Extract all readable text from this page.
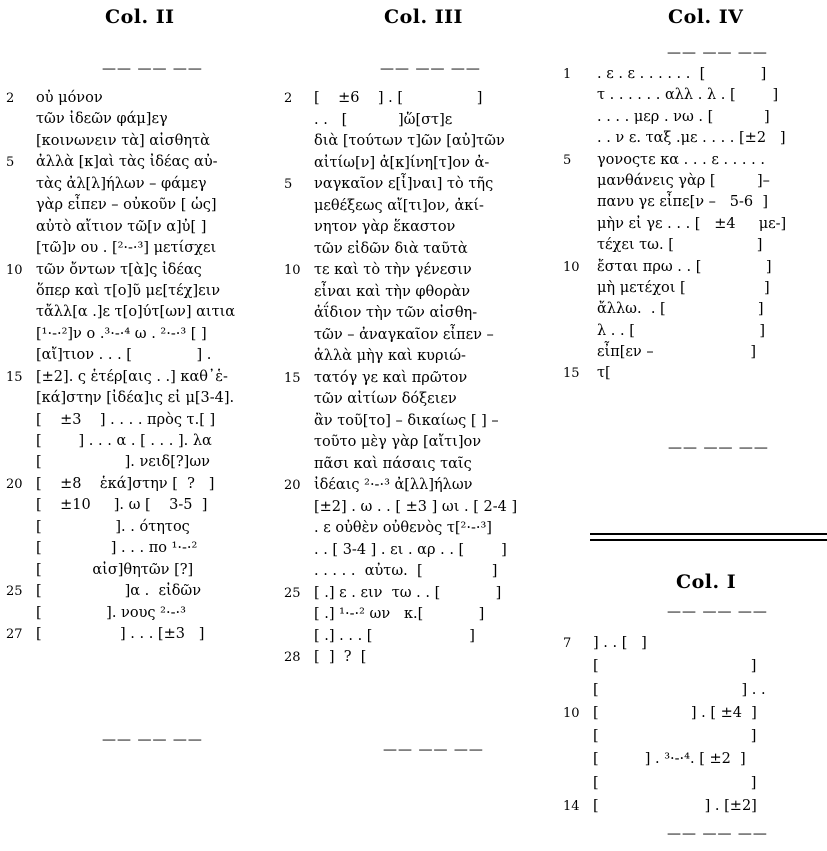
Col. II	Col. III	Col. IV
—— —— ——	—— —— ——
—— —— ——
2 οὐ μόνον
τῶν ἰδεῶν φάμ]εγ
[κοινωνειν τὰ] αἰσθητὰ
5 ἀλλὰ [κ]αὶ τὰς ἰδέας αὐ-
τὰς ἀλ[λ]ήλων – φάμεγ
γὰρ εἶπεν – οὐκοῦν [ ὡς]
αὐτὸ αἴτιον τῶ[ν α]ὐ[ ]
[τῶ]ν ου . [²·-·³] μετίσχει
10 τῶν ὄντων τ[ὰ]ς ἰδέας
ὅπερ καὶ τ[ο]ῦ με[τέχ]ειν
τἄλλ[α .]ε τ[ο]ύτ[ων] αιτια
[¹·-·²]ν ο .³·-·⁴ ω . ²·-·³ [ ]
[αἴ]τιον . . . [              ] .
15 [±2]. ς ἑτέρ[αις . .] καθ᾿ἑ-
[κά]στην [ἰδέα]ις εἰ μ[3-4].
[    ±3    ] . . . . πρὸς τ.[ ]
[        ] . . . α . [ . . . ]. λα
[                  ]. νειδ[?]ων
20 [    ±8    ἑκά]στην [  ?   ]
[    ±10     ]. ω [    3-5  ]
[                ]. . ότητος
[               ] . . . πο ¹·-·²
[           αἰσ]θητῶν [?]
25 [                  ]α .  εἰδῶν
[              ]. νους ²·-·³
27 [                 ] . . . [±3   ]
—— —— ——
2 [    ±6    ] . [                ]
. .   [           ]ὥ[στ]ε
διὰ [τούτων τ]ῶν [αὐ]τῶν
αἰτίω[ν] ἀ[κ]ίνη[τ]ον ἀ-
5 ναγκαῖον ε[ἶ]ναι] τὸ τῆς
μεθέξεως αἴ[τι]ον, ἀκί-
νητον γὰρ ἕκαστον
τῶν εἰδῶν διὰ ταῦτὰ
10 τε καὶ τὸ τὴν γένεσιν
εἶναι καὶ τὴν φθορὰν
ἀΐδιον τὴν τῶν αἰσθη-
τῶν – ἀναγκαῖον εἶπεν –
ἀλλὰ μὴγ καὶ κυριώ-
15 τατόγ γε καὶ πρῶτον
τῶν αἰτίων δόξειεν
ἂν τοῦ[το] – δικαίως [ ] –
τοῦτο μὲγ γὰρ [αἴτι]ον
πᾶσι καὶ πάσαις ταῖς
20 ἰδέαις ²·-·³ ἀ[λλ]ήλων
[±2] . ω . . [ ±3 ] ωι . [ 2-4 ]
. ε οὐθὲν οὐθενὸς τ[²·-·³]
. . [ 3-4 ] . ει . αρ . . [        ]
. . . . .  αὐτω.  [               ]
25 [ .] ε . ειν  τω . . [            ]
[ .] ¹·-·² ων   κ.[            ]
[ .] . . . [                     ]
28 [  ]  ?  [
—— —— ——
1 . ε . ε . . . . . .  [            ]
τ . . . . . . αλλ . λ . [        ]
. . . . μερ . νω . [           ]
. . ν ε. ταξ .με . . . . [±2   ]
5 γονοςτε κα . . . ε . . . . .
μανθάνεις γὰρ [         ]–
πανυ γε εἶπε[ν –   5-6  ]
μὴν εἰ γε . . . [   ±4     με-]
τέχει τω. [                  ]
10 ἔσται πρω . . [              ]
μὴ μετέχοι [                 ]
ἄλλω.  . [                    ]
λ . . [                           ]
εἶπ[εν –                     ]
15 τ[
—— —— ——
Col. I
—— —— ——
7 ] . . [   ]
[                                 ]
[                               ] . .
10 [                    ] . [ ±4  ]
[                                 ]
[          ] . ³·-·⁴. [ ±2  ]
[                                 ]
14 [                       ] . [±2]
—— —— ——
